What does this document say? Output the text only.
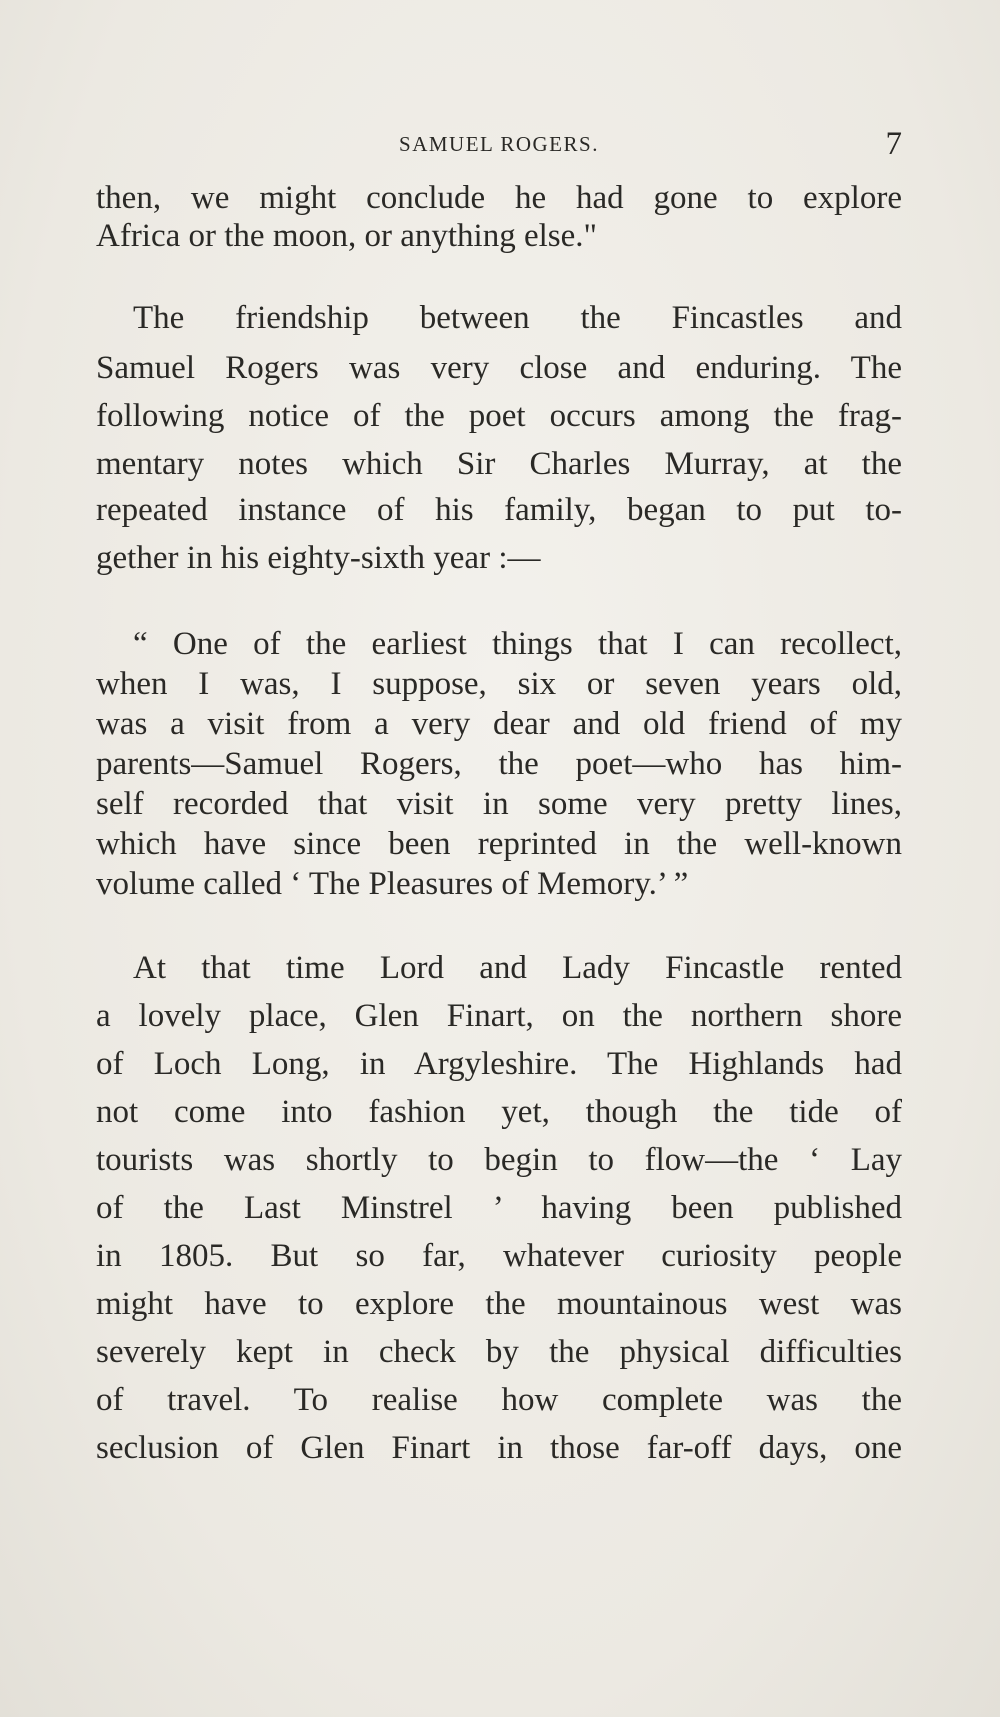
SAMUEL ROGERS.	7
then, we might conclude he had gone to explore
Africa or the moon, or anything else."
The friendship between the Fincastles and
Samuel Rogers was very close and enduring. The
following notice of the poet occurs among the frag-
mentary notes which Sir Charles Murray, at the
repeated instance of his family, began to put to-
gether in his eighty-sixth year :—
“ One of the earliest things that I can recollect,
when I was, I suppose, six or seven years old,
was a visit from a very dear and old friend of my
parents—Samuel Rogers, the poet—who has him-
self recorded that visit in some very pretty lines,
which have since been reprinted in the well-known
volume called ‘ The Pleasures of Memory.’ ”
At that time Lord and Lady Fincastle rented
a lovely place, Glen Finart, on the northern shore
of Loch Long, in Argyleshire. The Highlands had
not come into fashion yet, though the tide of
tourists was shortly to begin to flow—the ‘ Lay
of the Last Minstrel ’ having been published
in 1805. But so far, whatever curiosity people
might have to explore the mountainous west was
severely kept in check by the physical difficulties
of travel. To realise how complete was the
seclusion of Glen Finart in those far-off days, one
